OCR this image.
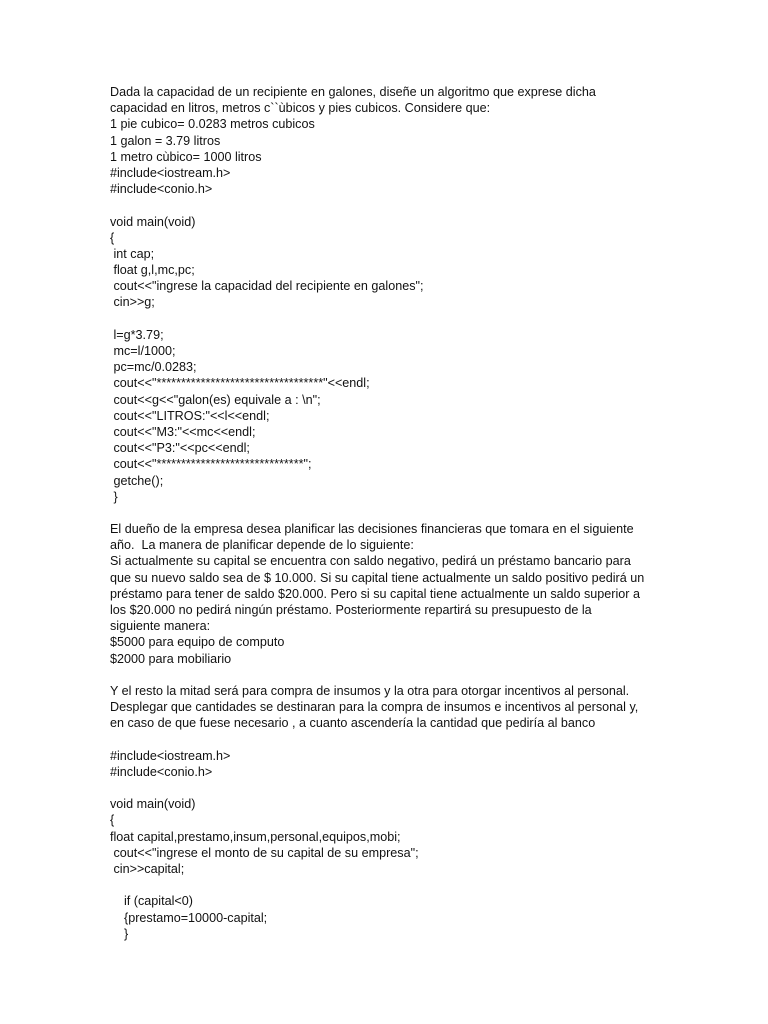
Dada la capacidad de un recipiente en galones, diseñe un algoritmo que exprese dicha
capacidad en litros, metros c``ùbicos y pies cubicos. Considere que:
1 pie cubico= 0.0283 metros cubicos
1 galon = 3.79 litros
1 metro cùbico= 1000 litros
#include<iostream.h>
#include<conio.h>
void main(void)
{
int cap;
float g,l,mc,pc;
cout<<"ingrese la capacidad del recipiente en galones";
cin>>g;
l=g*3.79;
mc=l/1000;
pc=mc/0.0283;
cout<<"**********************************"<<endl;
cout<<g<<"galon(es) equivale a : \n";
cout<<"LITROS:"<<l<<endl;
cout<<"M3:"<<mc<<endl;
cout<<"P3:"<<pc<<endl;
cout<<"******************************";
getche();
}
El dueño de la empresa desea planificar las decisiones financieras que tomara en el siguiente
año.  La manera de planificar depende de lo siguiente:
Si actualmente su capital se encuentra con saldo negativo, pedirá un préstamo bancario para
que su nuevo saldo sea de $ 10.000. Si su capital tiene actualmente un saldo positivo pedirá un
préstamo para tener de saldo $20.000. Pero si su capital tiene actualmente un saldo superior a
los $20.000 no pedirá ningún préstamo. Posteriormente repartirá su presupuesto de la
siguiente manera:
$5000 para equipo de computo
$2000 para mobiliario
Y el resto la mitad será para compra de insumos y la otra para otorgar incentivos al personal.
Desplegar que cantidades se destinaran para la compra de insumos e incentivos al personal y,
en caso de que fuese necesario , a cuanto ascendería la cantidad que pediría al banco
#include<iostream.h>
#include<conio.h>
void main(void)
{
float capital,prestamo,insum,personal,equipos,mobi;
cout<<"ingrese el monto de su capital de su empresa";
cin>>capital;
if (capital<0)
{prestamo=10000-capital;
}
